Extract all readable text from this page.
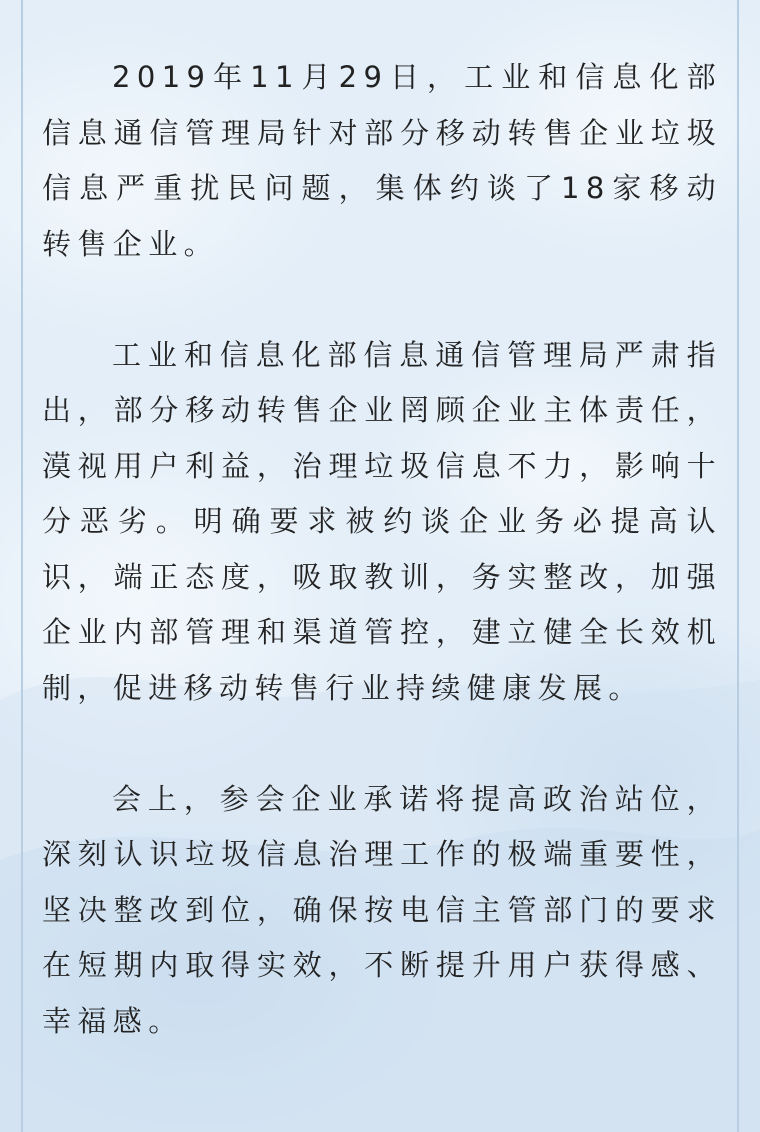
2019年11月29日，工业和信息化部信息通信管理局针对部分移动转售企业垃圾信息严重扰民问题，集体约谈了18家移动转售企业。

工业和信息化部信息通信管理局严肃指出，部分移动转售企业罔顾企业主体责任，漠视用户利益，治理垃圾信息不力，影响十分恶劣。明确要求被约谈企业务必提高认识，端正态度，吸取教训，务实整改，加强企业内部管理和渠道管控，建立健全长效机制，促进移动转售行业持续健康发展。

会上，参会企业承诺将提高政治站位，深刻认识垃圾信息治理工作的极端重要性，坚决整改到位，确保按电信主管部门的要求在短期内取得实效，不断提升用户获得感、幸福感。
